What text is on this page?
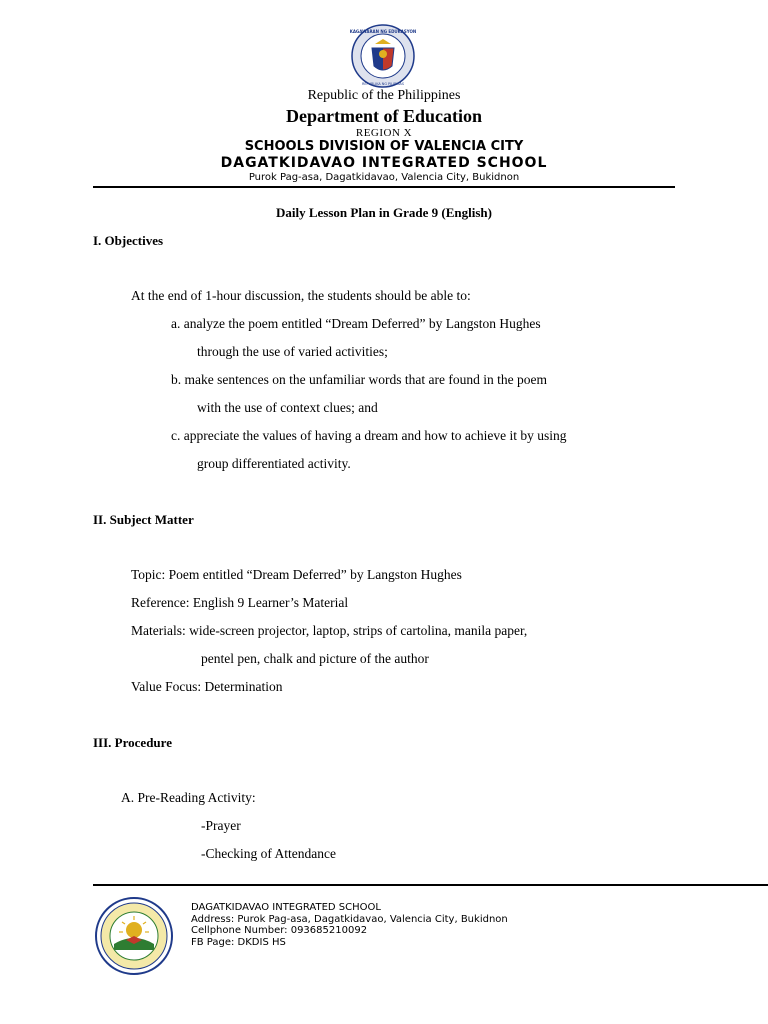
KAGAWARAN NG EDUKASYON
REPUBLIKA NG PILIPINAS
Republic of the Philippines
Department of Education
REGION X
SCHOOLS DIVISION OF VALENCIA CITY
DAGATKIDAVAO INTEGRATED SCHOOL
Purok Pag-asa, Dagatkidavao, Valencia City, Bukidnon
Daily Lesson Plan in Grade 9 (English)
I. Objectives
At the end of 1-hour discussion, the students should be able to:
a. analyze the poem entitled “Dream Deferred” by Langston Hughes
through the use of varied activities;
b. make sentences on the unfamiliar words that are found in the poem
with the use of context clues; and
c. appreciate the values of having a dream and how to achieve it by using
group differentiated activity.
II. Subject Matter
Topic: Poem entitled “Dream Deferred” by Langston Hughes
Reference: English 9 Learner’s Material
Materials: wide-screen projector, laptop, strips of cartolina, manila paper,
pentel pen, chalk and picture of the author
Value Focus: Determination
III. Procedure
A. Pre-Reading Activity:
-Prayer
-Checking of Attendance
DAGATKIDAVAO INTEGRATED SCHOOL
Address: Purok Pag-asa, Dagatkidavao, Valencia City, Bukidnon
Cellphone Number: 093685210092
FB Page: DKDIS HS
